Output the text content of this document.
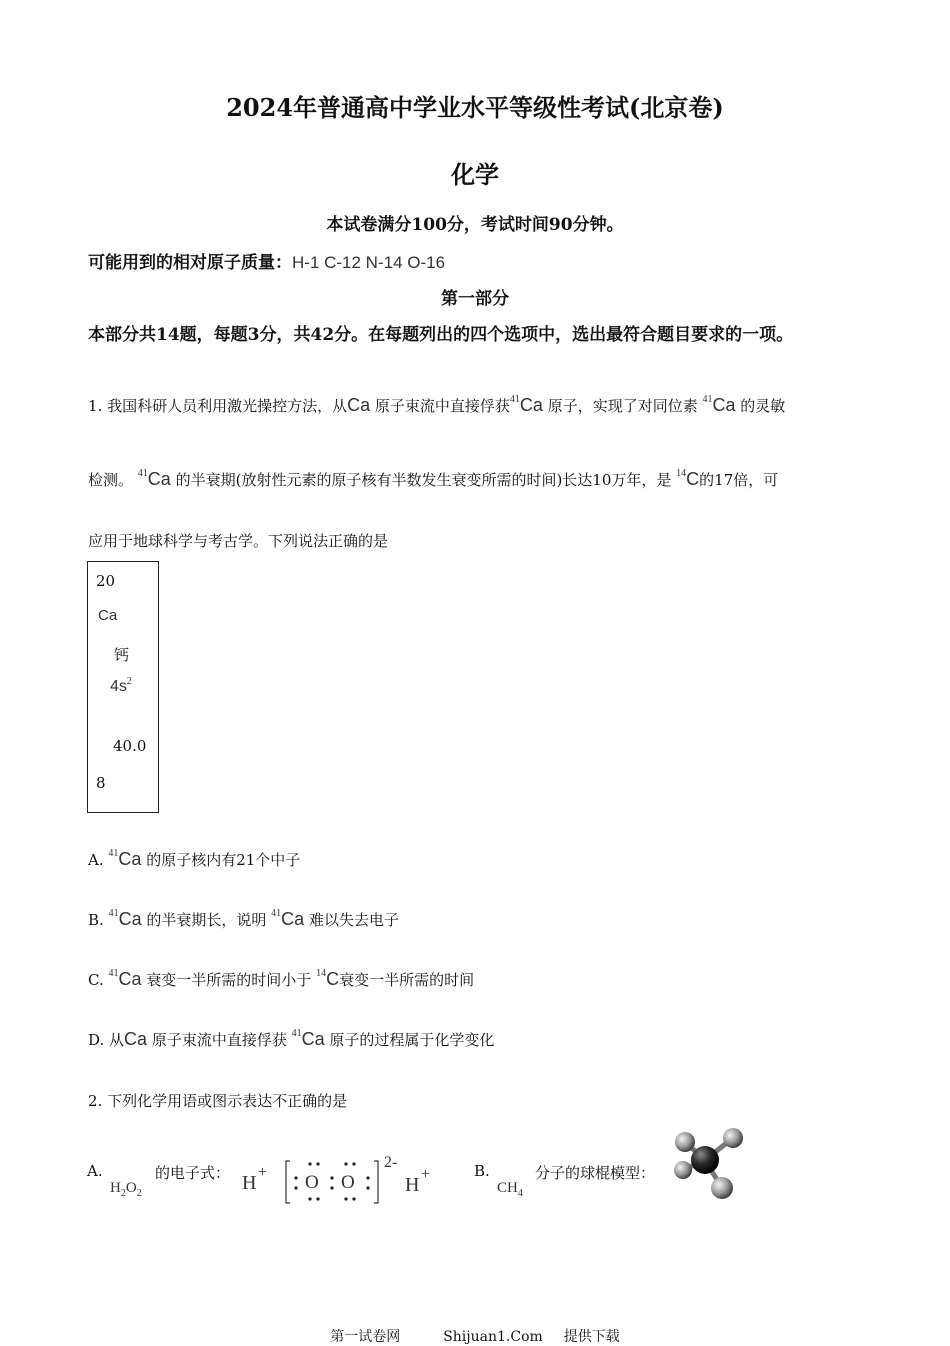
2024年普通高中学业水平等级性考试(北京卷)
化学
本试卷满分100分，考试时间90分钟。
可能用到的相对原子质量：H-1 C-12 N-14 O-16
第一部分
本部分共14题，每题3分，共42分。在每题列出的四个选项中，选出最符合题目要求的一项。
1. 我国科研人员利用激光操控方法，从Ca 原子束流中直接俘获$^{41}$Ca 原子，实现了对同位素 $^{41}$Ca 的灵敏
检测。 $^{41}$Ca 的半衰期(放射性元素的原子核有半数发生衰变所需的时间)长达10万年，是 $^{14}$C的17倍，可
应用于地球科学与考古学。下列说法正确的是
20
Ca
钙
$4s^2$
40.0
8
A. $^{41}$Ca 的原子核内有21个中子
B. $^{41}$Ca 的半衰期长，说明 $^{41}$Ca 难以失去电子
C. $^{41}$Ca 衰变一半所需的时间小于 $^{14}$C衰变一半所需的时间
D. 从Ca 原子束流中直接俘获 $^{41}$Ca 原子的过程属于化学变化
2. 下列化学用语或图示表达不正确的是
A.
$H_2O_2$
的电子式： H + O O
2-
H +	B.
$CH_4$
分子的球棍模型：
第一试卷网	Shijuan1.Com 提供下载
